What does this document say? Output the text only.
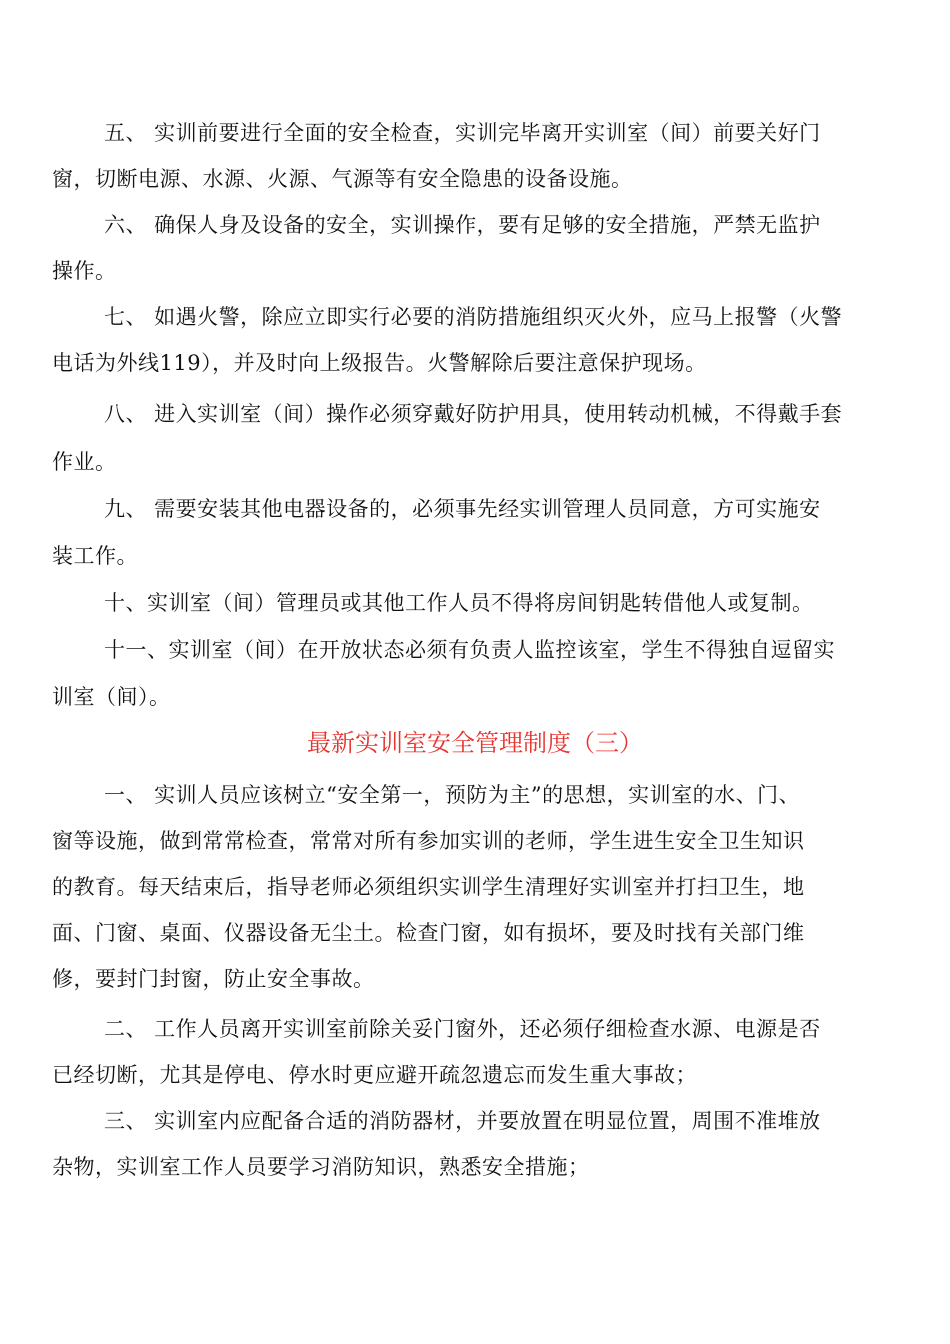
五、 实训前要进行全面的安全检查，实训完毕离开实训室（间）前要关好门
窗，切断电源、水源、火源、气源等有安全隐患的设备设施。
六、 确保人身及设备的安全，实训操作，要有足够的安全措施，严禁无监护
操作。
七、 如遇火警，除应立即实行必要的消防措施组织灭火外，应马上报警（火警
电话为外线119），并及时向上级报告。火警解除后要注意保护现场。
八、 进入实训室（间）操作必须穿戴好防护用具，使用转动机械，不得戴手套
作业。
九、 需要安装其他电器设备的，必须事先经实训管理人员同意，方可实施安
装工作。
十、实训室（间）管理员或其他工作人员不得将房间钥匙转借他人或复制。
十一、实训室（间）在开放状态必须有负责人监控该室，学生不得独自逗留实
训室（间）。
最新实训室安全管理制度（三）
一、 实训人员应该树立“安全第一，预防为主”的思想，实训室的水、门、
窗等设施，做到常常检查，常常对所有参加实训的老师，学生进生安全卫生知识
的教育。每天结束后，指导老师必须组织实训学生清理好实训室并打扫卫生，地
面、门窗、桌面、仪器设备无尘土。检查门窗，如有损坏，要及时找有关部门维
修，要封门封窗，防止安全事故。
二、 工作人员离开实训室前除关妥门窗外，还必须仔细检查水源、电源是否
已经切断，尤其是停电、停水时更应避开疏忽遗忘而发生重大事故；
三、 实训室内应配备合适的消防器材，并要放置在明显位置，周围不准堆放
杂物，实训室工作人员要学习消防知识，熟悉安全措施；
